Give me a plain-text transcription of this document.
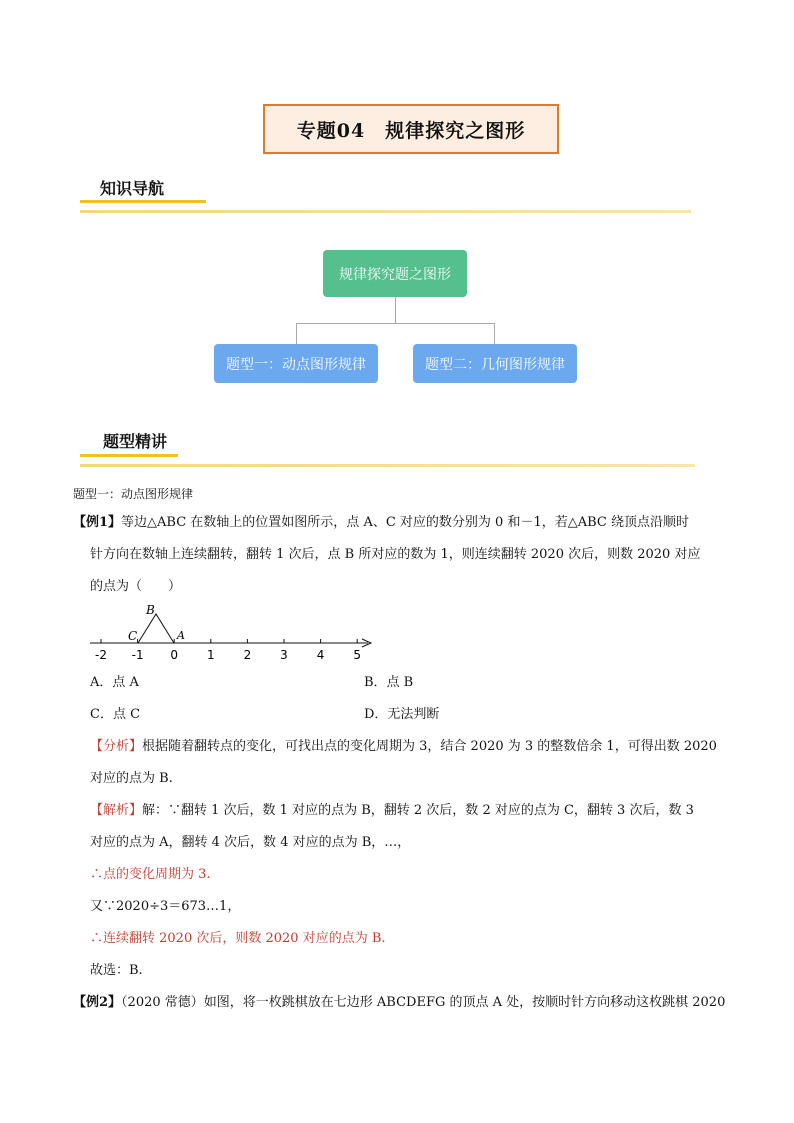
专题04　规律探究之图形
知识导航
规律探究题之图形
题型一：动点图形规律	题型二：几何图形规律
题型精讲
题型一：动点图形规律
【例1】等边△ABC 在数轴上的位置如图所示，点 A、C 对应的数分别为 0 和－1，若△ABC 绕顶点沿顺时
针方向在数轴上连续翻转，翻转 1 次后，点 B 所对应的数为 1，则连续翻转 2020 次后，则数 2020 对应
的点为（　　）
-2 -1 0 1 2 3 4 5
B
C	A
A．点 A	B．点 B
C．点 C	D．无法判断
【分析】根据随着翻转点的变化，可找出点的变化周期为 3，结合 2020 为 3 的整数倍余 1，可得出数 2020
对应的点为 B.
【解析】解：∵翻转 1 次后，数 1 对应的点为 B，翻转 2 次后，数 2 对应的点为 C，翻转 3 次后，数 3
对应的点为 A，翻转 4 次后，数 4 对应的点为 B，…，
∴点的变化周期为 3.
又∵2020÷3＝673…1，
∴连续翻转 2020 次后，则数 2020 对应的点为 B.
故选：B.
【例2】（2020 常德）如图，将一枚跳棋放在七边形 ABCDEFG 的顶点 A 处，按顺时针方向移动这枚跳棋 2020
